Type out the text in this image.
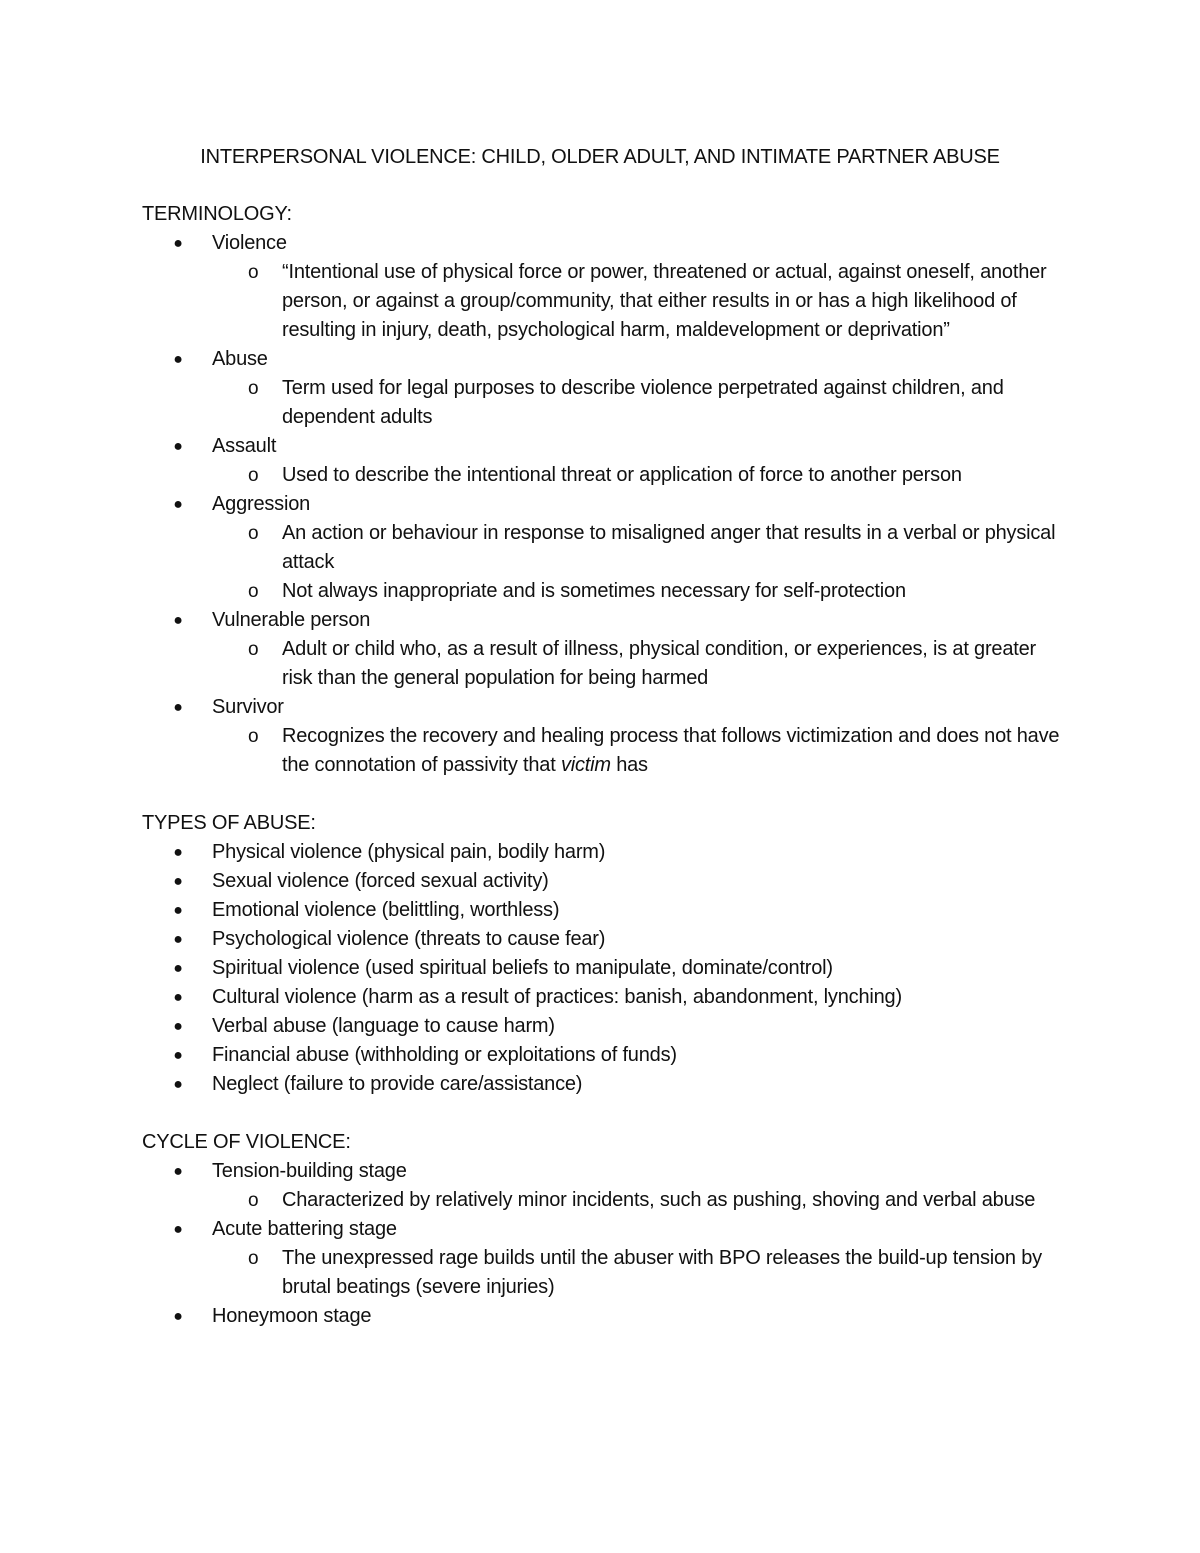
INTERPERSONAL VIOLENCE: CHILD, OLDER ADULT, AND INTIMATE PARTNER ABUSE
TERMINOLOGY:
● Violence
o “Intentional use of physical force or power, threatened or actual, against oneself, another person, or against a group/community, that either results in or has a high likelihood of resulting in injury, death, psychological harm, maldevelopment or deprivation”
● Abuse
o Term used for legal purposes to describe violence perpetrated against children, and dependent adults
● Assault
o Used to describe the intentional threat or application of force to another person
● Aggression
o An action or behaviour in response to misaligned anger that results in a verbal or physical attack
o Not always inappropriate and is sometimes necessary for self-protection
● Vulnerable person
o Adult or child who, as a result of illness, physical condition, or experiences, is at greater risk than the general population for being harmed
● Survivor
o Recognizes the recovery and healing process that follows victimization and does not have the connotation of passivity that victim has
TYPES OF ABUSE:
● Physical violence (physical pain, bodily harm)
● Sexual violence (forced sexual activity)
● Emotional violence (belittling, worthless)
● Psychological violence (threats to cause fear)
● Spiritual violence (used spiritual beliefs to manipulate, dominate/control)
● Cultural violence (harm as a result of practices: banish, abandonment, lynching)
● Verbal abuse (language to cause harm)
● Financial abuse (withholding or exploitations of funds)
● Neglect (failure to provide care/assistance)
CYCLE OF VIOLENCE:
● Tension-building stage
o Characterized by relatively minor incidents, such as pushing, shoving and verbal abuse
● Acute battering stage
o The unexpressed rage builds until the abuser with BPO releases the build-up tension by brutal beatings (severe injuries)
● Honeymoon stage
